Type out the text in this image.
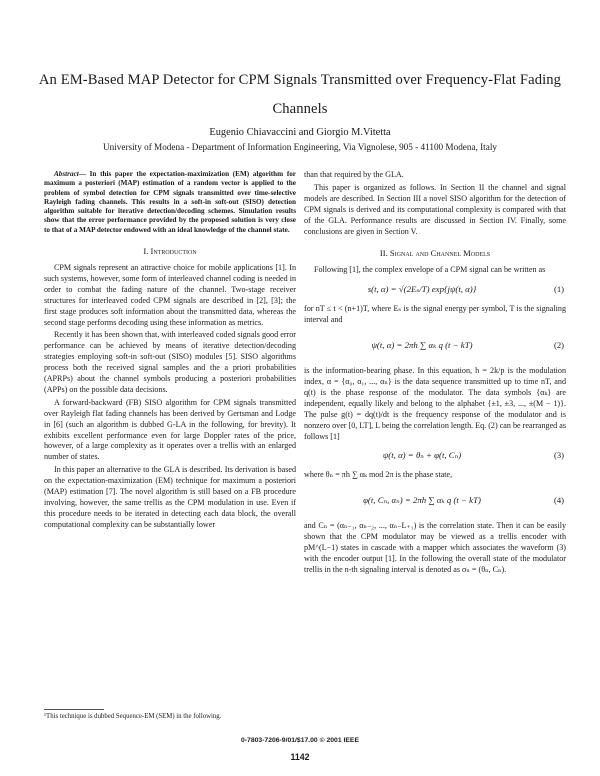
An EM-Based MAP Detector for CPM Signals Transmitted over Frequency-Flat Fading Channels
Eugenio Chiavaccini and Giorgio M.Vitetta
University of Modena - Department of Information Engineering, Via Vignolese, 905 - 41100 Modena, Italy

Abstract— In this paper the expectation-maximization (EM) algorithm for maximum a posteriori (MAP) estimation of a random vector is applied to the problem of symbol detection for CPM signals transmitted over time-selective Rayleigh fading channels. This results in a soft-in soft-out (SISO) detection algorithm suitable for iterative detection/decoding schemes. Simulation results show that the error performance provided by the proposed solution is very close to that of a MAP detector endowed with an ideal knowledge of the channel state.

I. Introduction

CPM signals represent an attractive choice for mobile applications [1]. In such systems, however, some form of interleaved channel coding is needed in order to combat the fading nature of the channel. Two-stage receiver structures for interleaved coded CPM signals are described in [2], [3]; the first stage produces soft information about the transmitted data, whereas the second stage performs decoding using these information as metrics.

Recently it has been shown that, with interleaved coded signals good error performance can be achieved by means of iterative detection/decoding strategies employing soft-in soft-out (SISO) modules [5]. SISO algorithms process both the received signal samples and the a priori probabilities (APRPs) about the channel symbols producing a posteriori probabilities (APPs) on the possible data decisions.

A forward-backward (FB) SISO algorithm for CPM signals transmitted over Rayleigh flat fading channels has been derived by Gertsman and Lodge in [6] (such an algorithm is dubbed G-LA in the following, for brevity). It exhibits excellent performance even for large Doppler rates of the price, however, of a large complexity as it operates over a trellis with an enlarged number of states.

In this paper an alternative to the GLA is described. Its derivation is based on the expectation-maximization (EM) technique for maximum a posteriori (MAP) estimation [7]. The novel algorithm is still based on a FB procedure involving, however, the same trellis as the CPM modulation in use. Even if this procedure needs to be iterated in detecting each data block, the overall computational complexity can be substantially lower

than that required by the GLA.

This paper is organized as follows. In Section II the channel and signal models are described. In Section III a novel SISO algorithm for the detection of CPM signals is derived and its computational complexity is compared with that of the GLA. Performance results are discussed in Section IV. Finally, some conclusions are given in Section V.

II. Signal and Channel Models

Following [1], the complex envelope of a CPM signal can be written as

s(t, α) = √(2Eₛ/T) exp{jψ(t, α)}	(1)

for nT ≤ t < (n+1)T, where Eₛ is the signal energy per symbol, T is the signaling interval and

ψ(t, α) = 2πh ∑ αₖ q (t − kT)	(2)

is the information-bearing phase. In this equation, h = 2k/p is the modulation index, α = {α₀, α₁, ..., αₙ} is the data sequence transmitted up to time nT, and q(t) is the phase response of the modulator. The data symbols {αₖ} are independent, equally likely and belong to the alphabet {±1, ±3, ..., ±(M − 1)}. The pulse g(t) = dq(t)/dt is the frequency response of the modulator and is nonzero over [0, LT], L being the correlation length. Eq. (2) can be rearranged as follows [1]

ψ(t, α) = θₙ + φ(t, Cₙ)	(3)

where θₙ = πh ∑ αₖ mod 2π is the phase state,

φ(t, Cₙ, αₙ) = 2πh ∑ αₖ q (t − kT)	(4)

and Cₙ = (αₙ₋₁, αₙ₋₂, ..., αₙ₋L₊₁) is the correlation state. Then it can be easily shown that the CPM modulator may be viewed as a trellis encoder with pM^(L−1) states in cascade with a mapper which associates the waveform (3) with the encoder output [1]. In the following the overall state of the modulator trellis in the n-th signaling interval is denoted as σₙ = (θₙ, Cₙ).

¹This technique is dubbed Sequence-EM (SEM) in the following.
0-7803-7206-9/01/$17.00 © 2001 IEEE
1142
